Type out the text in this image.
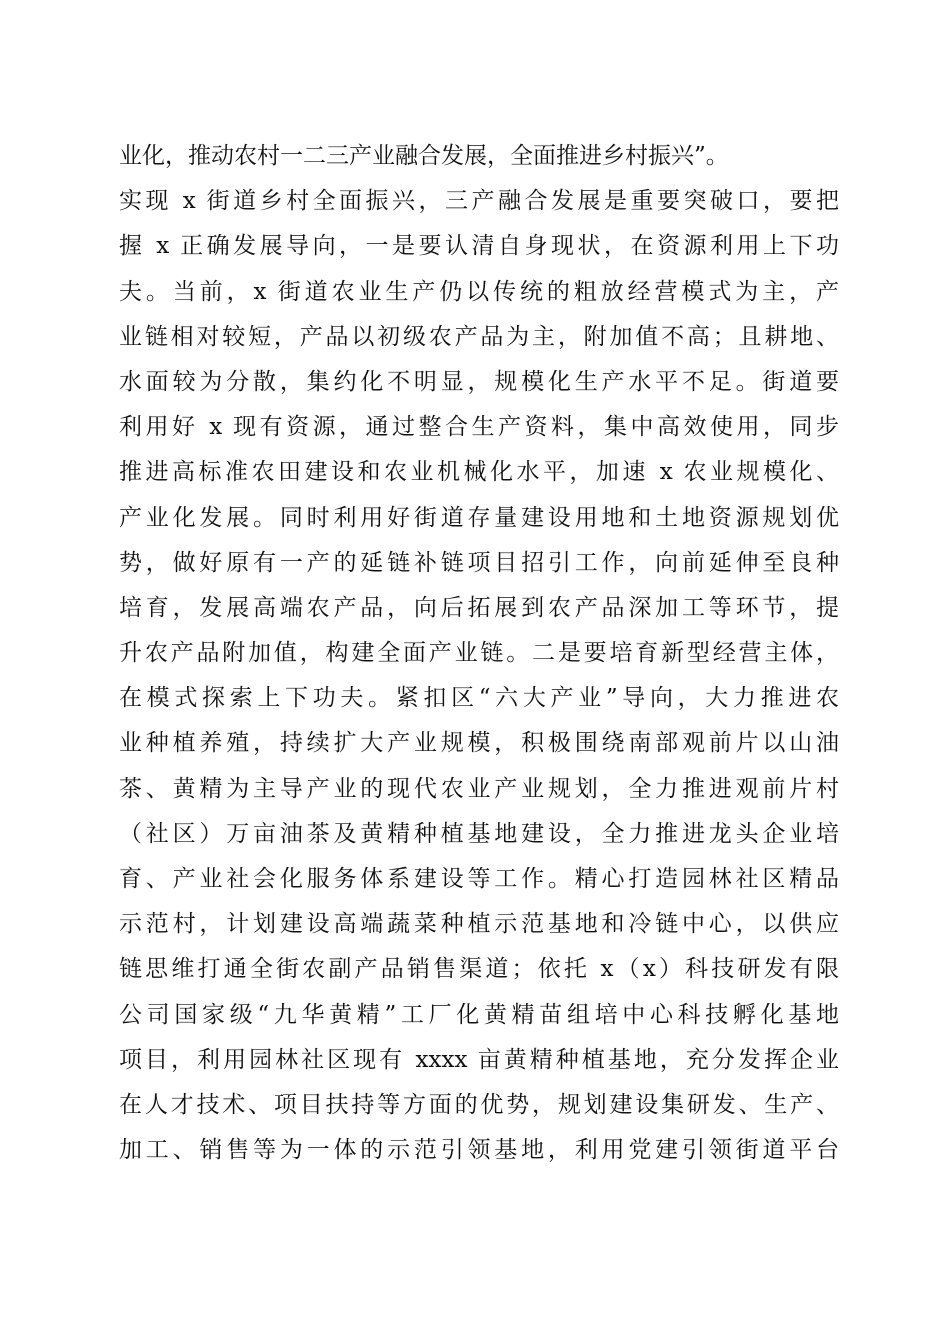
业化，推动农村一二三产业融合发展，全面推进乡村振兴”。
实现 x 街道乡村全面振兴，三产融合发展是重要突破口，要把
握 x 正确发展导向，一是要认清自身现状，在资源利用上下功
夫。当前，x 街道农业生产仍以传统的粗放经营模式为主，产
业链相对较短，产品以初级农产品为主，附加值不高；且耕地、
水面较为分散，集约化不明显，规模化生产水平不足。街道要
利用好 x 现有资源，通过整合生产资料，集中高效使用，同步
推进高标准农田建设和农业机械化水平，加速 x 农业规模化、
产业化发展。同时利用好街道存量建设用地和土地资源规划优
势，做好原有一产的延链补链项目招引工作，向前延伸至良种
培育，发展高端农产品，向后拓展到农产品深加工等环节，提
升农产品附加值，构建全面产业链。二是要培育新型经营主体，
在模式探索上下功夫。紧扣区“六大产业”导向，大力推进农
业种植养殖，持续扩大产业规模，积极围绕南部观前片以山油
茶、黄精为主导产业的现代农业产业规划，全力推进观前片村
（社区）万亩油茶及黄精种植基地建设，全力推进龙头企业培
育、产业社会化服务体系建设等工作。精心打造园林社区精品
示范村，计划建设高端蔬菜种植示范基地和冷链中心，以供应
链思维打通全街农副产品销售渠道；依托 x（x）科技研发有限
公司国家级“九华黄精”工厂化黄精苗组培中心科技孵化基地
项目，利用园林社区现有 xxxx 亩黄精种植基地，充分发挥企业
在人才技术、项目扶持等方面的优势，规划建设集研发、生产、
加工、销售等为一体的示范引领基地，利用党建引领街道平台
